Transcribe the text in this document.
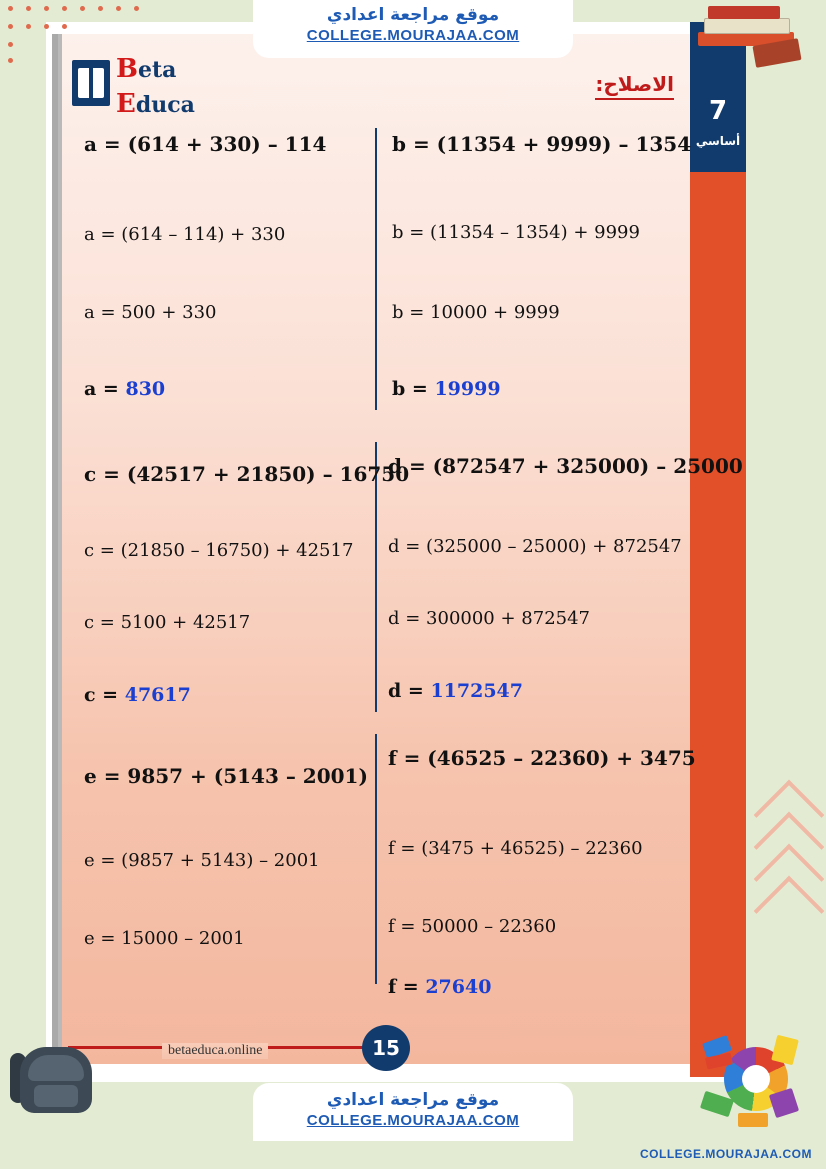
7
أساسي
Beta
Educa
الاصلاح:
a = (614 + 330) – 114
a = (614 – 114) + 330
a = 500 + 330
a = 830
b = (11354 + 9999) – 1354
b = (11354 – 1354) + 9999
b = 10000 + 9999
b = 19999
c = (42517 + 21850) – 16750
c = (21850 – 16750) + 42517
c = 5100 + 42517
c = 47617
d = (872547 + 325000) – 25000
d = (325000 – 25000) + 872547
d = 300000 + 872547
d = 1172547
e = 9857 + (5143 – 2001)
e = (9857 + 5143) – 2001
e = 15000 – 2001
f = (46525 – 22360) + 3475
f = (3475 + 46525) – 22360
f = 50000 – 22360
f = 27640
betaeduca.online	15
موقع مراجعة اعدادي
COLLEGE.MOURAJAA.COM
موقع مراجعة اعدادي
COLLEGE.MOURAJAA.COM
COLLEGE.MOURAJAA.COM
